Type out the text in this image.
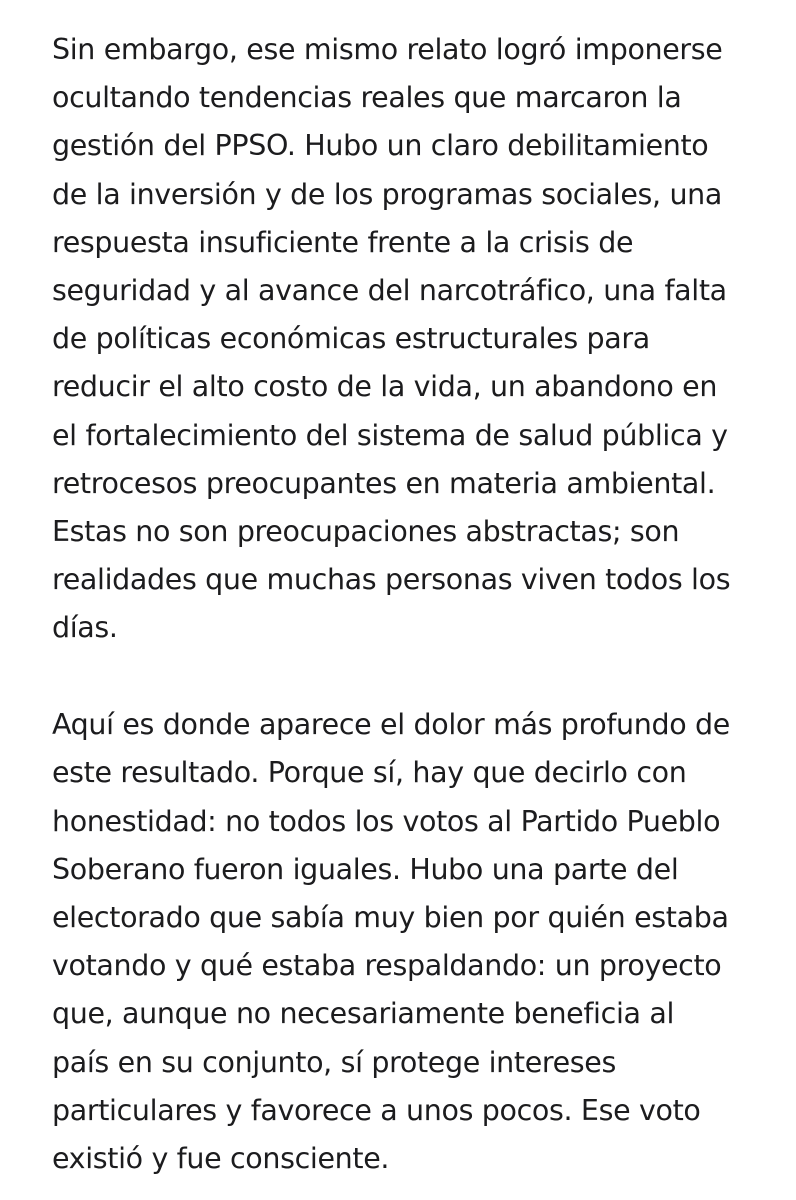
Sin embargo, ese mismo relato logró imponerse
ocultando tendencias reales que marcaron la
gestión del PPSO. Hubo un claro debilitamiento
de la inversión y de los programas sociales, una
respuesta insuficiente frente a la crisis de
seguridad y al avance del narcotráfico, una falta
de políticas económicas estructurales para
reducir el alto costo de la vida, un abandono en
el fortalecimiento del sistema de salud pública y
retrocesos preocupantes en materia ambiental.
Estas no son preocupaciones abstractas; son
realidades que muchas personas viven todos los
días.

Aquí es donde aparece el dolor más profundo de
este resultado. Porque sí, hay que decirlo con
honestidad: no todos los votos al Partido Pueblo
Soberano fueron iguales. Hubo una parte del
electorado que sabía muy bien por quién estaba
votando y qué estaba respaldando: un proyecto
que, aunque no necesariamente beneficia al
país en su conjunto, sí protege intereses
particulares y favorece a unos pocos. Ese voto
existió y fue consciente.
